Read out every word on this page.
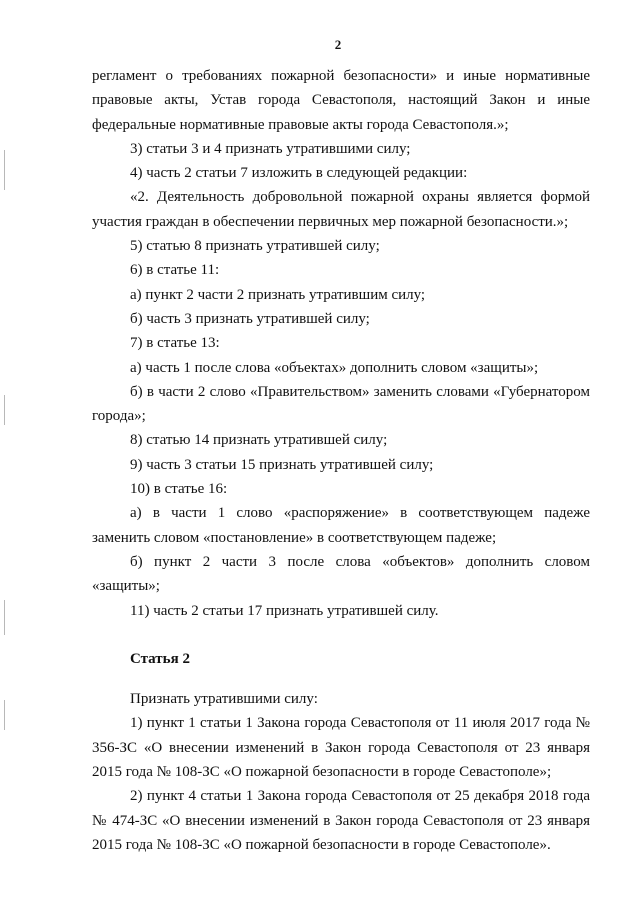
2

регламент о требованиях пожарной безопасности» и иные нормативные правовые акты, Устав города Севастополя, настоящий Закон и иные федеральные нормативные правовые акты города Севастополя.»;

3) статьи 3 и 4 признать утратившими силу;

4) часть 2 статьи 7 изложить в следующей редакции:

«2. Деятельность добровольной пожарной охраны является формой участия граждан в обеспечении первичных мер пожарной безопасности.»;

5) статью 8 признать утратившей силу;

6) в статье 11:

а) пункт 2 части 2 признать утратившим силу;

б) часть 3 признать утратившей силу;

7) в статье 13:

а) часть 1 после слова «объектах» дополнить словом «защиты»;

б) в части 2 слово «Правительством» заменить словами «Губернатором города»;

8) статью 14 признать утратившей силу;

9) часть 3 статьи 15 признать утратившей силу;

10) в статье 16:

а) в части 1 слово «распоряжение» в соответствующем падеже заменить словом «постановление» в соответствующем падеже;

б) пункт 2 части 3 после слова «объектов» дополнить словом «защиты»;

11) часть 2 статьи 17 признать утратившей силу.

Статья 2

Признать утратившими силу:

1) пункт 1 статьи 1 Закона города Севастополя от 11 июля 2017 года № 356-ЗС «О внесении изменений в Закон города Севастополя от 23 января 2015 года № 108-ЗС «О пожарной безопасности в городе Севастополе»;

2) пункт 4 статьи 1 Закона города Севастополя от 25 декабря 2018 года № 474-ЗС «О внесении изменений в Закон города Севастополя от 23 января 2015 года № 108-ЗС «О пожарной безопасности в городе Севастополе».
